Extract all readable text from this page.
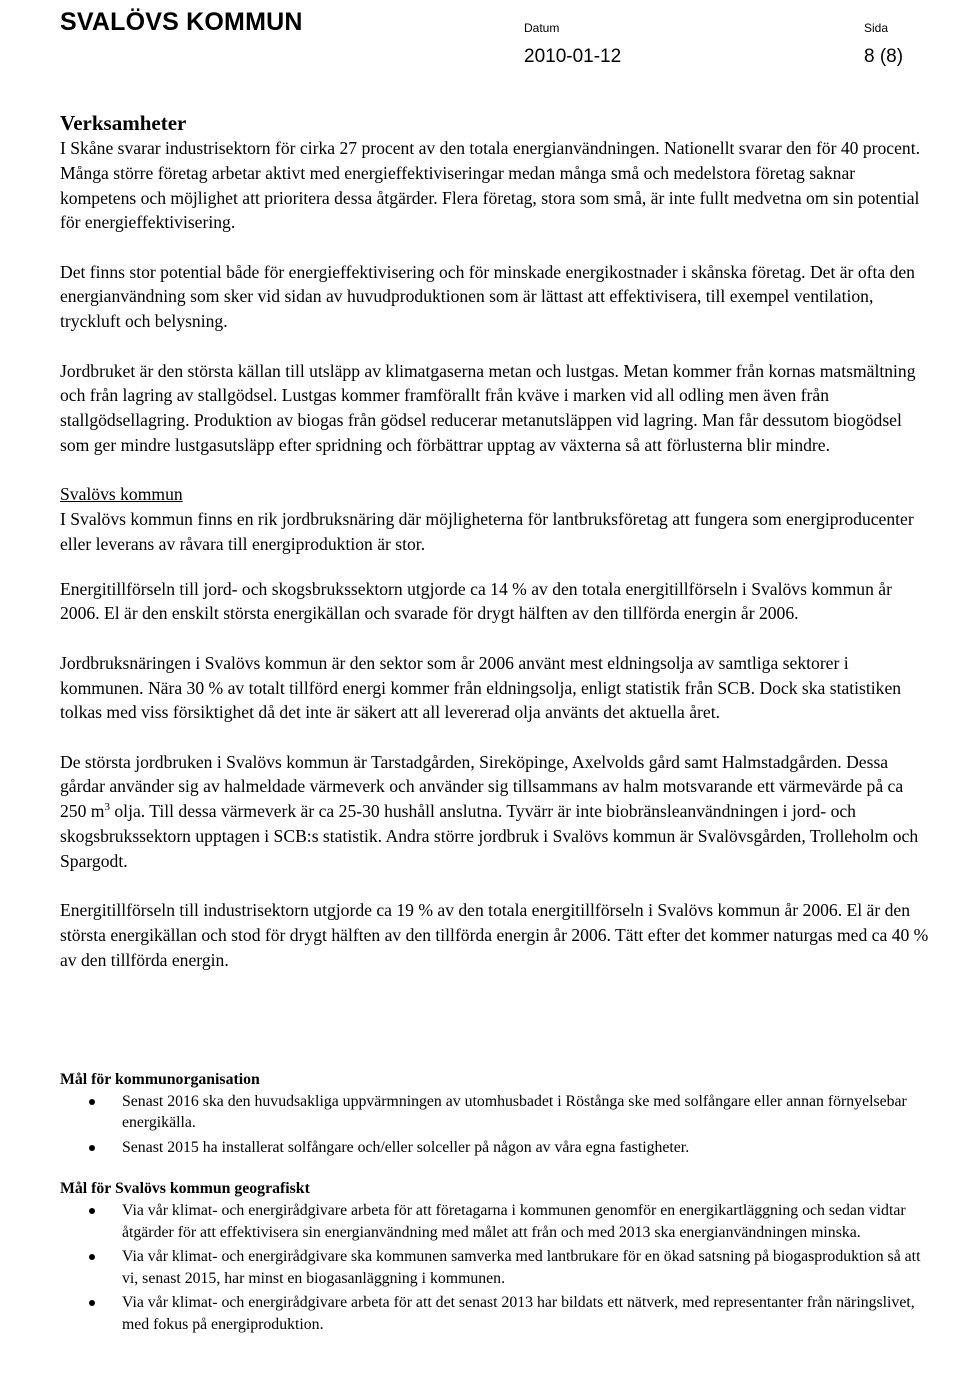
SVALÖVS KOMMUN	Datum	Sida
2010-01-12	8 (8)
Verksamheter

I Skåne svarar industrisektorn för cirka 27 procent av den totala energianvändningen. Nationellt svarar den för 40 procent. Många större företag arbetar aktivt med energieffektiviseringar medan många små och medelstora företag saknar kompetens och möjlighet att prioritera dessa åtgärder. Flera företag, stora som små, är inte fullt medvetna om sin potential för energieffektivisering.

Det finns stor potential både för energieffektivisering och för minskade energikostnader i skånska företag. Det är ofta den energianvändning som sker vid sidan av huvudproduktionen som är lättast att effektivisera, till exempel ventilation, tryckluft och belysning.

Jordbruket är den största källan till utsläpp av klimatgaserna metan och lustgas. Metan kommer från kornas matsmältning och från lagring av stallgödsel. Lustgas kommer framförallt från kväve i marken vid all odling men även från stallgödsellagring. Produktion av biogas från gödsel reducerar metanutsläppen vid lagring. Man får dessutom biogödsel som ger mindre lustgasutsläpp efter spridning och förbättrar upptag av växterna så att förlusterna blir mindre.

Svalövs kommun

I Svalövs kommun finns en rik jordbruksnäring där möjligheterna för lantbruksföretag att fungera som energiproducenter eller leverans av råvara till energiproduktion är stor.

Energitillförseln till jord- och skogsbrukssektorn utgjorde ca 14 % av den totala energitillförseln i Svalövs kommun år 2006. El är den enskilt största energikällan och svarade för drygt hälften av den tillförda energin år 2006.

Jordbruksnäringen i Svalövs kommun är den sektor som år 2006 använt mest eldningsolja av samtliga sektorer i kommunen. Nära 30 % av totalt tillförd energi kommer från eldningsolja, enligt statistik från SCB. Dock ska statistiken tolkas med viss försiktighet då det inte är säkert att all levererad olja använts det aktuella året.

De största jordbruken i Svalövs kommun är Tarstadgården, Sireköpinge, Axelvolds gård samt Halmstadgården. Dessa gårdar använder sig av halmeldade värmeverk och använder sig tillsammans av halm motsvarande ett värmevärde på ca 250 $m^3$ olja. Till dessa värmeverk är ca 25-30 hushåll anslutna. Tyvärr är inte biobränsleanvändningen i jord- och skogsbrukssektorn upptagen i SCB:s statistik. Andra större jordbruk i Svalövs kommun är Svalövsgården, Trolleholm och Spargodt.

Energitillförseln till industrisektorn utgjorde ca 19 % av den totala energitillförseln i Svalövs kommun år 2006. El är den största energikällan och stod för drygt hälften av den tillförda energin år 2006. Tätt efter det kommer naturgas med ca 40 % av den tillförda energin.

Mål för kommunorganisation
Senast 2016 ska den huvudsakliga uppvärmningen av utomhusbadet i Röstånga ske med solfångare eller annan förnyelsebar energikälla.
Senast 2015 ha installerat solfångare och/eller solceller på någon av våra egna fastigheter.
Mål för Svalövs kommun geografiskt
Via vår klimat- och energirådgivare arbeta för att företagarna i kommunen genomför en energikartläggning och sedan vidtar åtgärder för att effektivisera sin energianvändning med målet att från och med 2013 ska energianvändningen minska.
Via vår klimat- och energirådgivare ska kommunen samverka med lantbrukare för en ökad satsning på biogasproduktion så att vi, senast 2015, har minst en biogasanläggning i kommunen.
Via vår klimat- och energirådgivare arbeta för att det senast 2013 har bildats ett nätverk, med representanter från näringslivet, med fokus på energiproduktion.
